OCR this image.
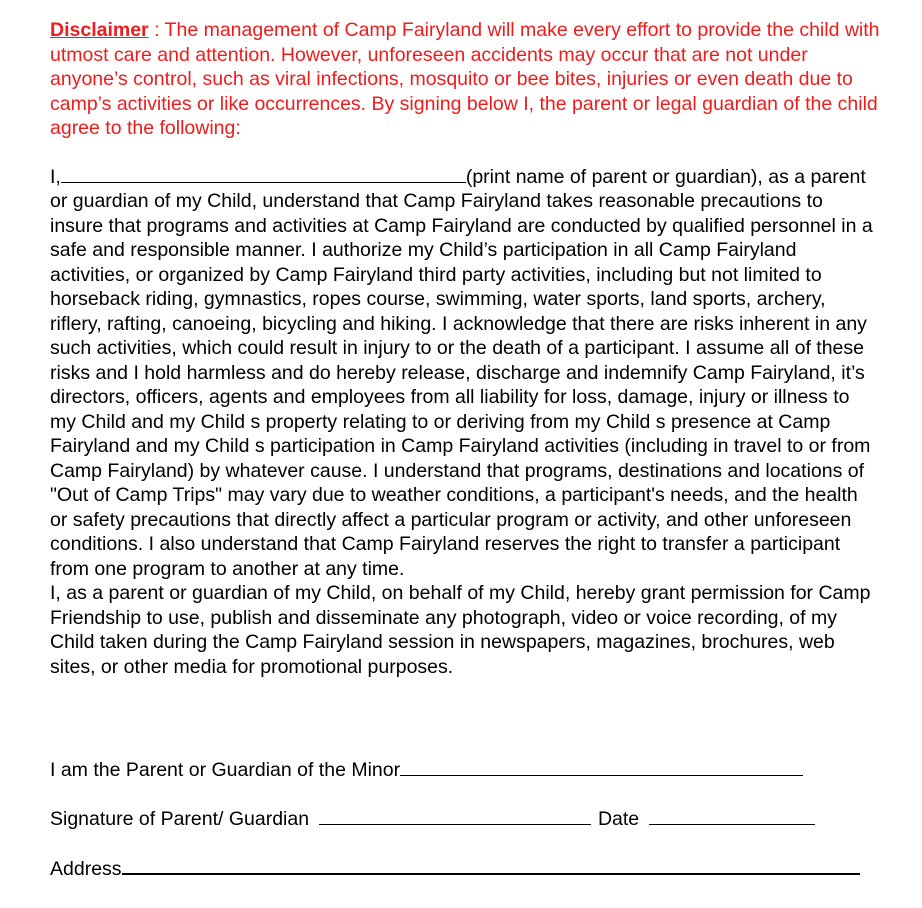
Disclaimer : The management of Camp Fairyland will make every effort to provide the child with utmost care and attention. However, unforeseen accidents may occur that are not under anyone’s control, such as viral infections, mosquito or bee bites, injuries or even death due to camp’s activities or like occurrences. By signing below I, the parent or legal guardian of the child agree to the following:

I,	(print name of parent or guardian), as a parent or guardian of my Child, understand that Camp Fairyland takes reasonable precautions to insure that programs and activities at Camp Fairyland are conducted by qualified personnel in a safe and responsible manner. I authorize my Child’s participation in all Camp Fairyland activities, or organized by Camp Fairyland third party activities, including but not limited to horseback riding, gymnastics, ropes course, swimming, water sports, land sports, archery, riflery, rafting, canoeing, bicycling and hiking. I acknowledge that there are risks inherent in any such activities, which could result in injury to or the death of a participant. I assume all of these risks and I hold harmless and do hereby release, discharge and indemnify Camp Fairyland, it’s directors, officers, agents and employees from all liability for loss, damage, injury or illness to my Child and my Child s property relating to or deriving from my Child s presence at Camp Fairyland and my Child s participation in Camp Fairyland activities (including in travel to or from Camp Fairyland) by whatever cause. I understand that programs, destinations and locations of "Out of Camp Trips" may vary due to weather conditions, a participant's needs, and the health or safety precautions that directly affect a particular program or activity, and other unforeseen conditions. I also understand that Camp Fairyland reserves the right to transfer a participant from one program to another at any time.

I, as a parent or guardian of my Child, on behalf of my Child, hereby grant permission for Camp Friendship to use, publish and disseminate any photograph, video or voice recording, of my Child taken during the Camp Fairyland session in newspapers, magazines, brochures, web sites, or other media for promotional purposes.

I am the Parent or Guardian of the Minor
Signature of Parent/ Guardian	Date
Address
